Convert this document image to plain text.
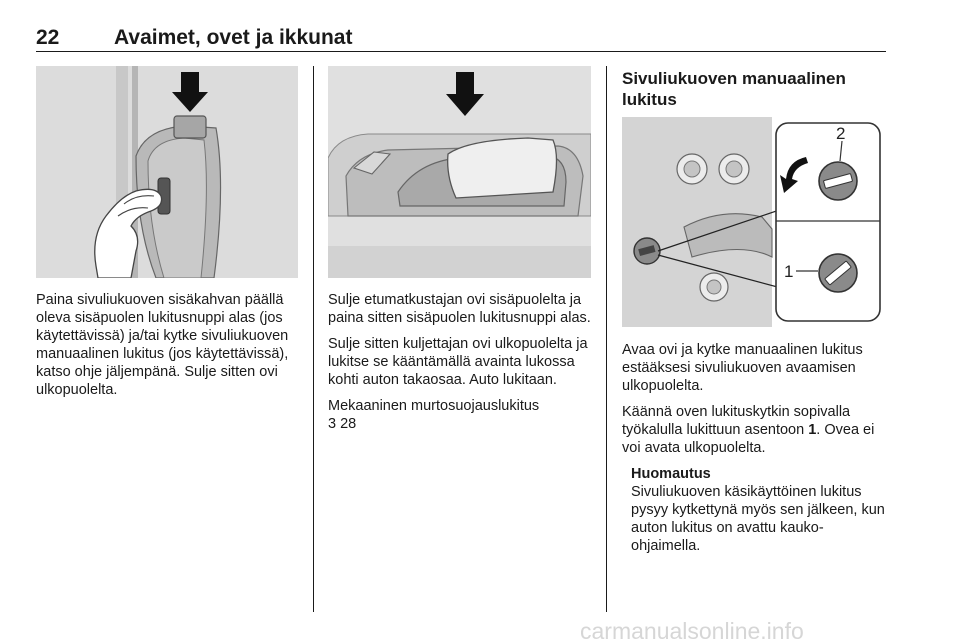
22	Avaimet, ovet ja ikkunat

Paina sivuliukuoven sisäkahvan päällä oleva sisäpuolen lukitusnuppi alas (jos käytettävissä) ja/tai kytke sivuliukuoven manuaalinen lukitus (jos käytettävissä), katso ohje jäljempänä. Sulje sitten ovi ulkopuolelta.

Sulje etumatkustajan ovi sisäpuolelta ja paina sitten sisäpuolen lukitusnuppi alas.

Sulje sitten kuljettajan ovi ulkopuolelta ja lukitse se kääntämällä avainta lukossa kohti auton takaosaa. Auto lukitaan.

Mekaaninen murtosuojauslukitus
3 28

Sivuliukuoven manuaalinen lukitus
2
1

Avaa ovi ja kytke manuaalinen lukitus estääksesi sivuliukuoven avaamisen ulkopuolelta.

Käännä oven lukituskytkin sopivalla työkalulla lukittuun asentoon 1. Ovea ei voi avata ulkopuolelta.

Huomautus
Sivuliukuoven käsikäyttöinen lukitus pysyy kytkettynä myös sen jälkeen, kun auton lukitus on avattu kaukoohjaimella.
carmanualsonline.info
